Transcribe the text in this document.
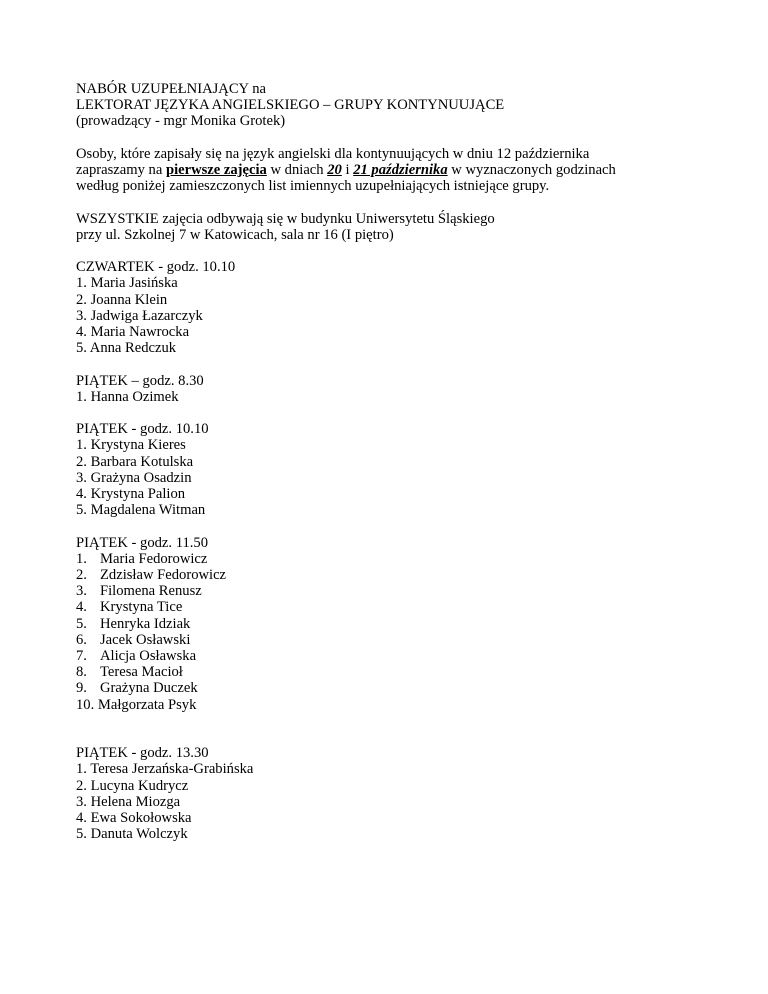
NABÓR UZUPEŁNIAJĄCY na
LEKTORAT JĘZYKA ANGIELSKIEGO – GRUPY KONTYNUUJĄCE
(prowadzący - mgr Monika Grotek)
Osoby, które zapisały się na język angielski dla kontynuujących w dniu 12 października
zapraszamy na pierwsze zajęcia w dniach 20 i 21 października w wyznaczonych godzinach
według poniżej zamieszczonych list imiennych uzupełniających istniejące grupy.
WSZYSTKIE zajęcia odbywają się w budynku Uniwersytetu Śląskiego
przy ul. Szkolnej 7 w Katowicach, sala nr 16 (I piętro)
CZWARTEK - godz. 10.10
1. Maria Jasińska
2. Joanna Klein
3. Jadwiga Łazarczyk
4. Maria Nawrocka
5. Anna Redczuk
PIĄTEK – godz. 8.30
1. Hanna Ozimek
PIĄTEK - godz. 10.10
1. Krystyna Kieres
2. Barbara Kotulska
3. Grażyna Osadzin
4. Krystyna Palion
5. Magdalena Witman
PIĄTEK - godz. 11.50
1. Maria Fedorowicz
2. Zdzisław Fedorowicz
3. Filomena Renusz
4. Krystyna Tice
5. Henryka Idziak
6. Jacek Osławski
7. Alicja Osławska
8. Teresa Macioł
9. Grażyna Duczek
10. Małgorzata Psyk
PIĄTEK - godz. 13.30
1. Teresa Jerzańska-Grabińska
2. Lucyna Kudrycz
3. Helena Miozga
4. Ewa Sokołowska
5. Danuta Wolczyk
